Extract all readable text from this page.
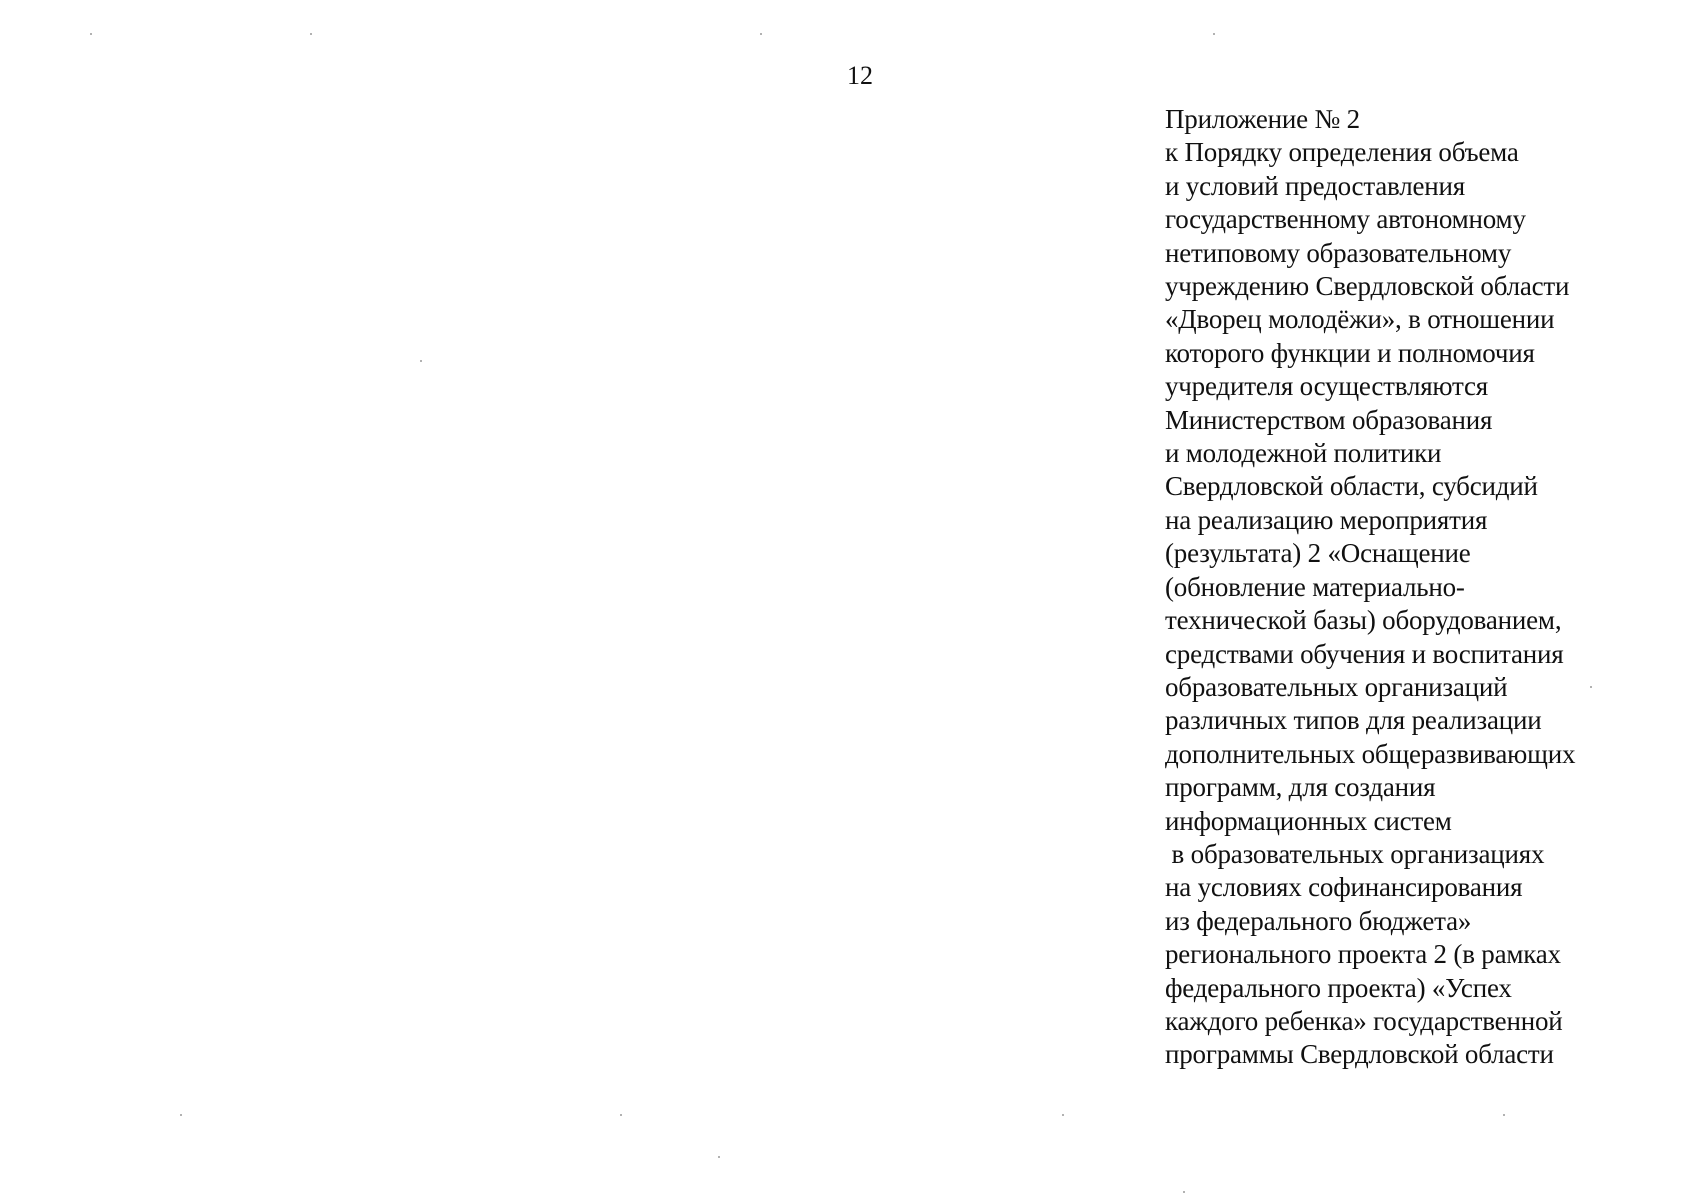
12
Приложение № 2
к Порядку определения объема
и условий предоставления
государственному автономному
нетиповому образовательному
учреждению Свердловской области
«Дворец молодёжи», в отношении
которого функции и полномочия
учредителя осуществляются
Министерством образования
и молодежной политики
Свердловской области, субсидий
на реализацию мероприятия
(результата) 2 «Оснащение
(обновление материально-
технической базы) оборудованием,
средствами обучения и воспитания
образовательных организаций
различных типов для реализации
дополнительных общеразвивающих
программ, для создания
информационных систем
в образовательных организациях
на условиях софинансирования
из федерального бюджета»
регионального проекта 2 (в рамках
федерального проекта) «Успех
каждого ребенка» государственной
программы Свердловской области
